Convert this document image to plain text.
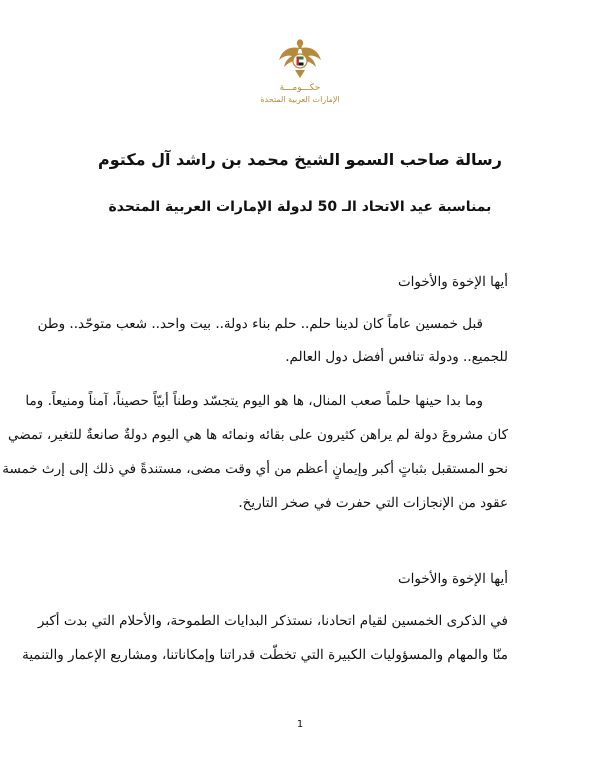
حكـــومـــة
الإمارات العربية المتحدة
رسالة صاحب السمو الشيخ محمد بن راشد آل مكتوم
بمناسبة عيد الاتحاد الـ 50 لدولة الإمارات العربية المتحدة
أيها الإخوة والأخوات
قبل خمسين عاماً كان لدينا حلم.. حلم بناء دولة.. بيت واحد.. شعب متوحّد.. وطن
للجميع.. ودولة تنافس أفضل دول العالم.
وما بدا حينها حلماً صعب المنال، ها هو اليوم يتجسّد وطناً أبيّاً حصيناً، آمناً ومنيعاً. وما
كان مشروعَ دولة لم يراهن كثيرون على بقائه ونمائه ها هي اليوم دولةٌ صانعةٌ للتغير، تمضي
نحو المستقبل بثباتٍ أكبر وإيمانٍ أعظم من أي وقت مضى، مستندةً في ذلك إلى إرث خمسة
عقود من الإنجازات التي حفرت في صخر التاريخ.
أيها الإخوة والأخوات
في الذكرى الخمسين لقيام اتحادنا، نستذكر البدايات الطموحة، والأحلام التي بدت أكبر
منّا والمهام والمسؤوليات الكبيرة التي تخطّت قدراتنا وإمكاناتنا، ومشاريع الإعمار والتنمية
1
